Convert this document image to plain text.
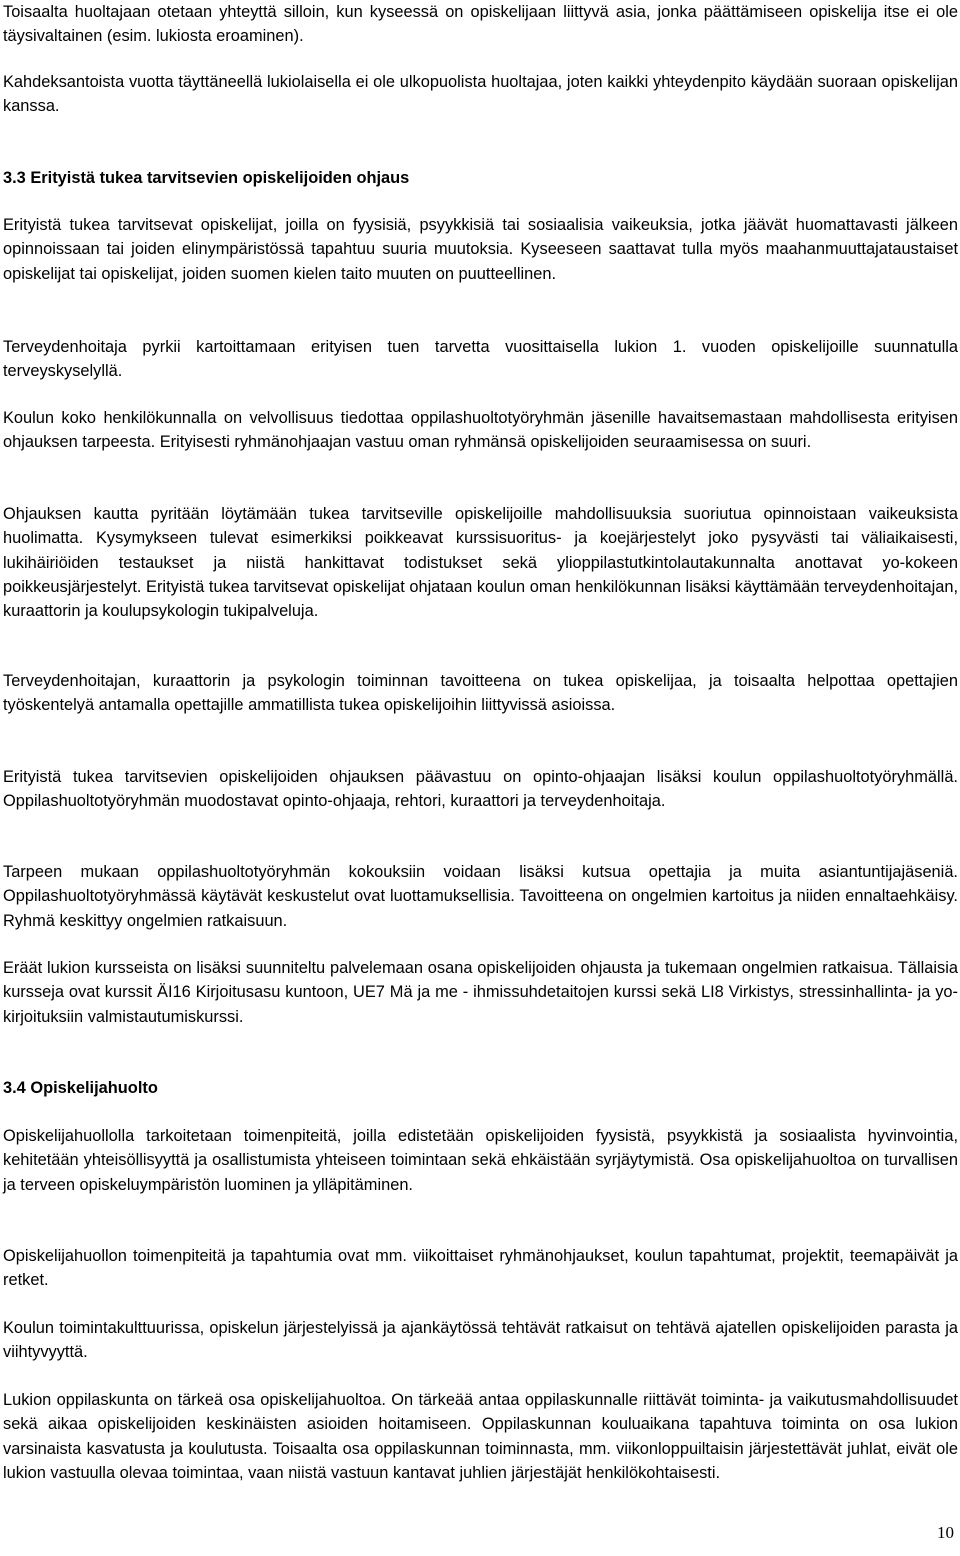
Toisaalta huoltajaan otetaan yhteyttä silloin, kun kyseessä on opiskelijaan liittyvä asia, jonka päättämiseen opiskelija itse ei ole täysivaltainen (esim. lukiosta eroaminen).

Kahdeksantoista vuotta täyttäneellä lukiolaisella ei ole ulkopuolista huoltajaa, joten kaikki yhteydenpito käydään suoraan opiskelijan kanssa.

3.3 Erityistä tukea tarvitsevien opiskelijoiden ohjaus

Erityistä tukea tarvitsevat opiskelijat, joilla on fyysisiä, psyykkisiä tai sosiaalisia vaikeuksia, jotka jäävät huomattavasti jälkeen opinnoissaan tai joiden elinympäristössä tapahtuu suuria muutoksia. Kyseeseen saattavat tulla myös maahanmuuttajataustaiset opiskelijat tai opiskelijat, joiden suomen kielen taito muuten on puutteellinen.

Terveydenhoitaja pyrkii kartoittamaan erityisen tuen tarvetta vuosittaisella lukion 1. vuoden opiskelijoille suunnatulla terveyskyselyllä.

Koulun koko henkilökunnalla on velvollisuus tiedottaa oppilashuoltotyöryhmän jäsenille havaitsemastaan mahdollisesta erityisen ohjauksen tarpeesta. Erityisesti ryhmänohjaajan vastuu oman ryhmänsä opiskelijoiden seuraamisessa on suuri.

Ohjauksen kautta pyritään löytämään tukea tarvitseville opiskelijoille mahdollisuuksia suoriutua opinnoistaan vaikeuksista huolimatta. Kysymykseen tulevat esimerkiksi poikkeavat kurssisuoritus- ja koejärjestelyt joko pysyvästi tai väliaikaisesti, lukihäiriöiden testaukset ja niistä hankittavat todistukset sekä ylioppilastutkintolautakunnalta anottavat yo-kokeen poikkeusjärjestelyt. Erityistä tukea tarvitsevat opiskelijat ohjataan koulun oman henkilökunnan lisäksi käyttämään terveydenhoitajan, kuraattorin ja koulupsykologin tukipalveluja.

Terveydenhoitajan, kuraattorin ja psykologin toiminnan tavoitteena on tukea opiskelijaa, ja toisaalta helpottaa opettajien työskentelyä antamalla opettajille ammatillista tukea opiskelijoihin liittyvissä asioissa.

Erityistä tukea tarvitsevien opiskelijoiden ohjauksen päävastuu on opinto-ohjaajan lisäksi koulun oppilashuoltotyöryhmällä. Oppilashuoltotyöryhmän muodostavat opinto-ohjaaja, rehtori, kuraattori ja terveydenhoitaja.

Tarpeen mukaan oppilashuoltotyöryhmän kokouksiin voidaan lisäksi kutsua opettajia ja muita asiantuntijajäseniä. Oppilashuoltotyöryhmässä käytävät keskustelut ovat luottamuksellisia. Tavoitteena on ongelmien kartoitus ja niiden ennaltaehkäisy. Ryhmä keskittyy ongelmien ratkaisuun.

Eräät lukion kursseista on lisäksi suunniteltu palvelemaan osana opiskelijoiden ohjausta ja tukemaan ongelmien ratkaisua. Tällaisia kursseja ovat kurssit ÄI16 Kirjoitusasu kuntoon, UE7 Mä ja me - ihmissuhdetaitojen kurssi sekä LI8 Virkistys, stressinhallinta- ja yo-kirjoituksiin valmistautumiskurssi.

3.4 Opiskelijahuolto

Opiskelijahuollolla tarkoitetaan toimenpiteitä, joilla edistetään opiskelijoiden fyysistä, psyykkistä ja sosiaalista hyvinvointia, kehitetään yhteisöllisyyttä ja osallistumista yhteiseen toimintaan sekä ehkäistään syrjäytymistä. Osa opiskelijahuoltoa on turvallisen ja terveen opiskeluympäristön luominen ja ylläpitäminen.

Opiskelijahuollon toimenpiteitä ja tapahtumia ovat mm. viikoittaiset ryhmänohjaukset, koulun tapahtumat, projektit, teemapäivät ja retket.

Koulun toimintakulttuurissa, opiskelun järjestelyissä ja ajankäytössä tehtävät ratkaisut on tehtävä ajatellen opiskelijoiden parasta ja viihtyvyyttä.

Lukion oppilaskunta on tärkeä osa opiskelijahuoltoa. On tärkeää antaa oppilaskunnalle riittävät toiminta- ja vaikutusmahdollisuudet sekä aikaa opiskelijoiden keskinäisten asioiden hoitamiseen. Oppilaskunnan kouluaikana tapahtuva toiminta on osa lukion varsinaista kasvatusta ja koulutusta. Toisaalta osa oppilaskunnan toiminnasta, mm. viikonloppuiltaisin järjestettävät juhlat, eivät ole lukion vastuulla olevaa toimintaa, vaan niistä vastuun kantavat juhlien järjestäjät henkilökohtaisesti.

10
